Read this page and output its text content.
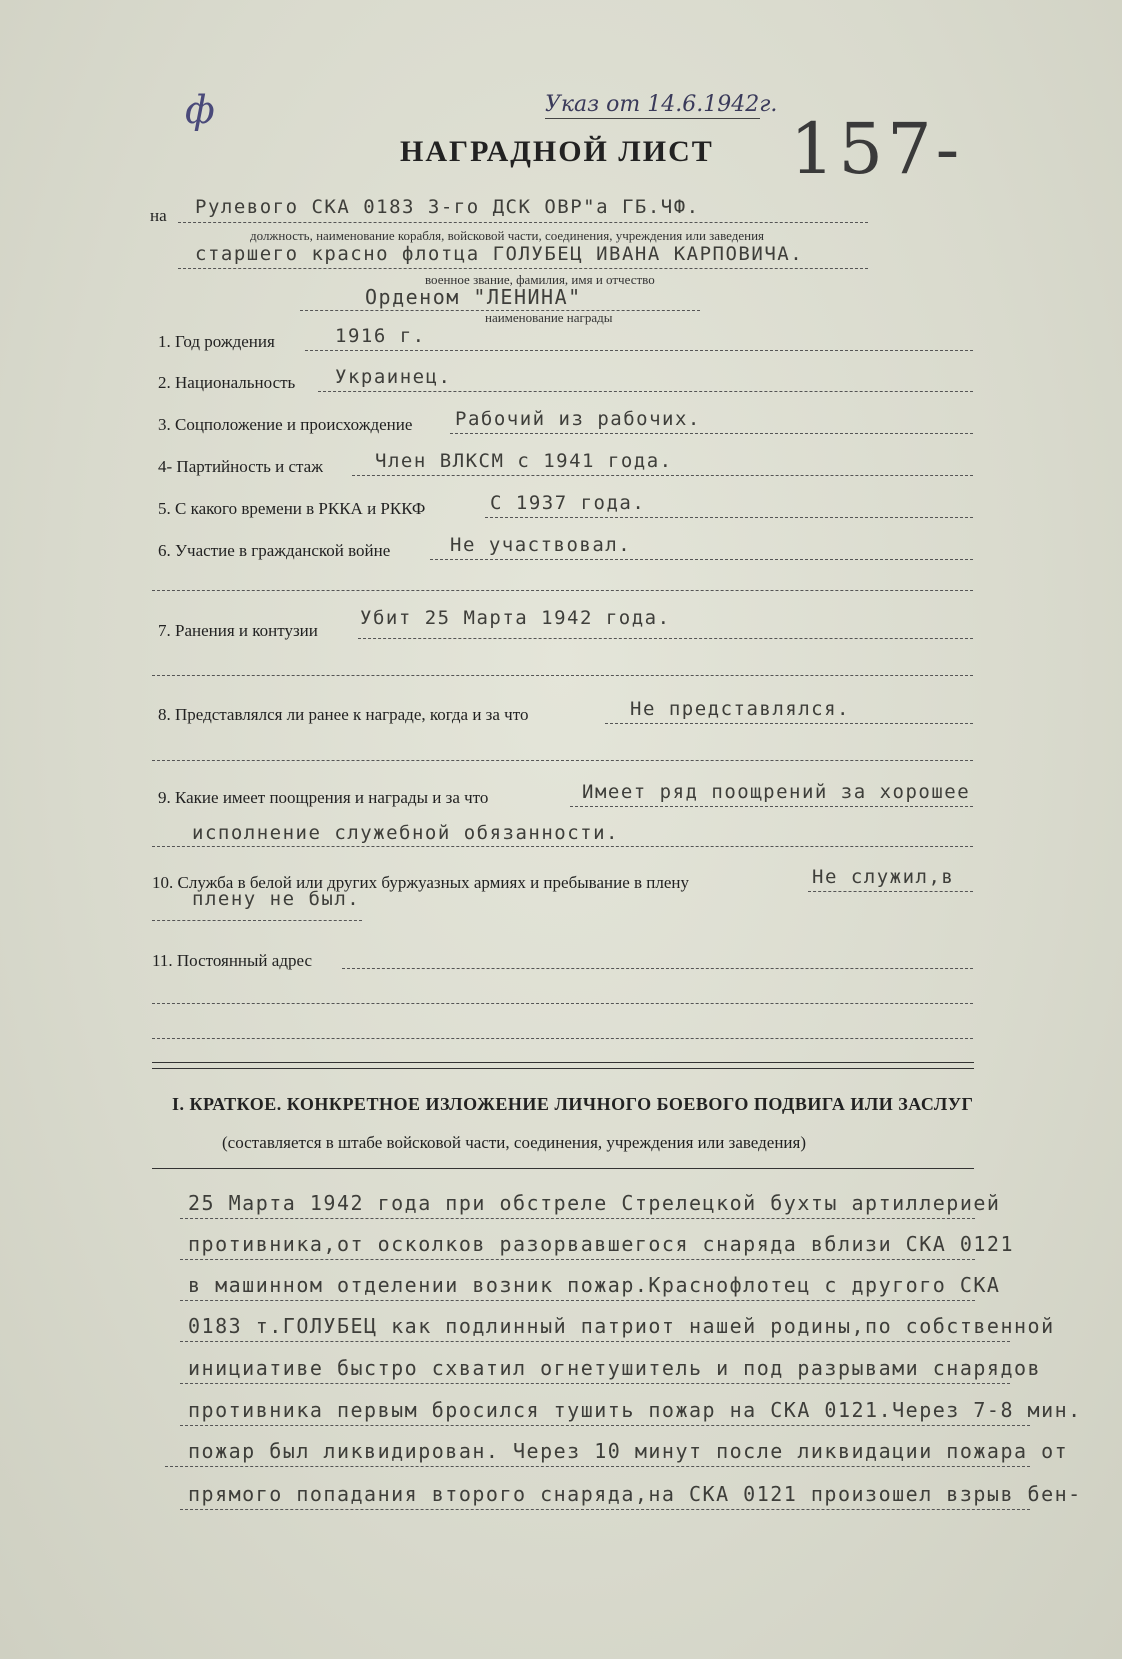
ф	Указ от 14.6.1942г.
157-
НАГРАДНОЙ ЛИСТ
на Рулевого СКА 0183 3-го ДСК ОВР"а ГБ.ЧФ.
должность, наименование корабля, войсковой части, соединения, учреждения или заведения
старшего красно флотца ГОЛУБЕЦ ИВАНА КАРПОВИЧА.
военное звание, фамилия, имя и отчество
Орденом "ЛЕНИНА"
наименование награды
1. Год рождения	1916 г.
2. Национальность Украинец.
3. Соцположение и происхождение Рабочий из рабочих.
4- Партийность и стаж	Член ВЛКСМ с 1941 года.
5. С какого времени в РККА и РККФ	С 1937 года.
6. Участие в гражданской войне	Не участвовал.
7. Ранения и контузии
Убит 25 Марта 1942 года.
8. Представлялся ли ранее к награде, когда и за что	Не представлялся.
9. Какие имеет поощрения и награды и за что	Имеет ряд поощрений за хорошее
исполнение служебной обязанности.
10. Служба в белой или других буржуазных армиях и пребывание в плену	Не служил,в
плену не был.
11. Постоянный адрес
I. КРАТКОЕ. КОНКРЕТНОЕ ИЗЛОЖЕНИЕ ЛИЧНОГО БОЕВОГО ПОДВИГА ИЛИ ЗАСЛУГ
(составляется в штабе войсковой части, соединения, учреждения или заведения)
25 Марта 1942 года при обстреле Стрелецкой бухты артиллерией
противника,от осколков разорвавшегося снаряда вблизи СКА 0121
в машинном отделении возник пожар.Краснофлотец с другого СКА
0183 т.ГОЛУБЕЦ как подлинный патриот нашей родины,по собственной
инициативе быстро схватил огнетушитель и под разрывами снарядов
противника первым бросился тушить пожар на СКА 0121.Через 7-8 мин.
пожар был ликвидирован. Через 10 минут после ликвидации пожара от
прямого попадания второго снаряда,на СКА 0121 произошел взрыв бен-
